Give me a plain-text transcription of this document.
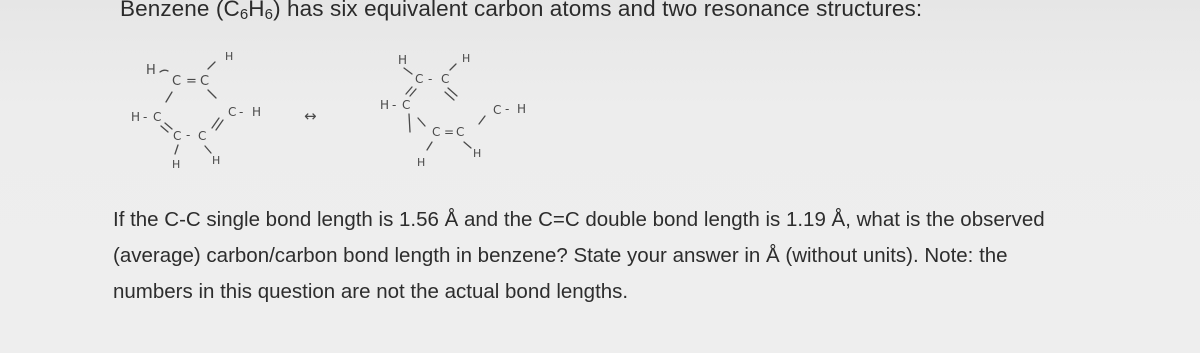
Benzene $(C_6H_6)$ has six equivalent carbon atoms and two resonance structures:
H
C = C
H
H - C	C - H
C - C
H	H
↔
H
C - C
H
H - C	C - H
C = C
H
H

If the C-C single bond length is 1.56 Å and the C=C double bond length is 1.19 Å, what is the observed

(average) carbon/carbon bond length in benzene? State your answer in Å (without units). Note: the

numbers in this question are not the actual bond lengths.
